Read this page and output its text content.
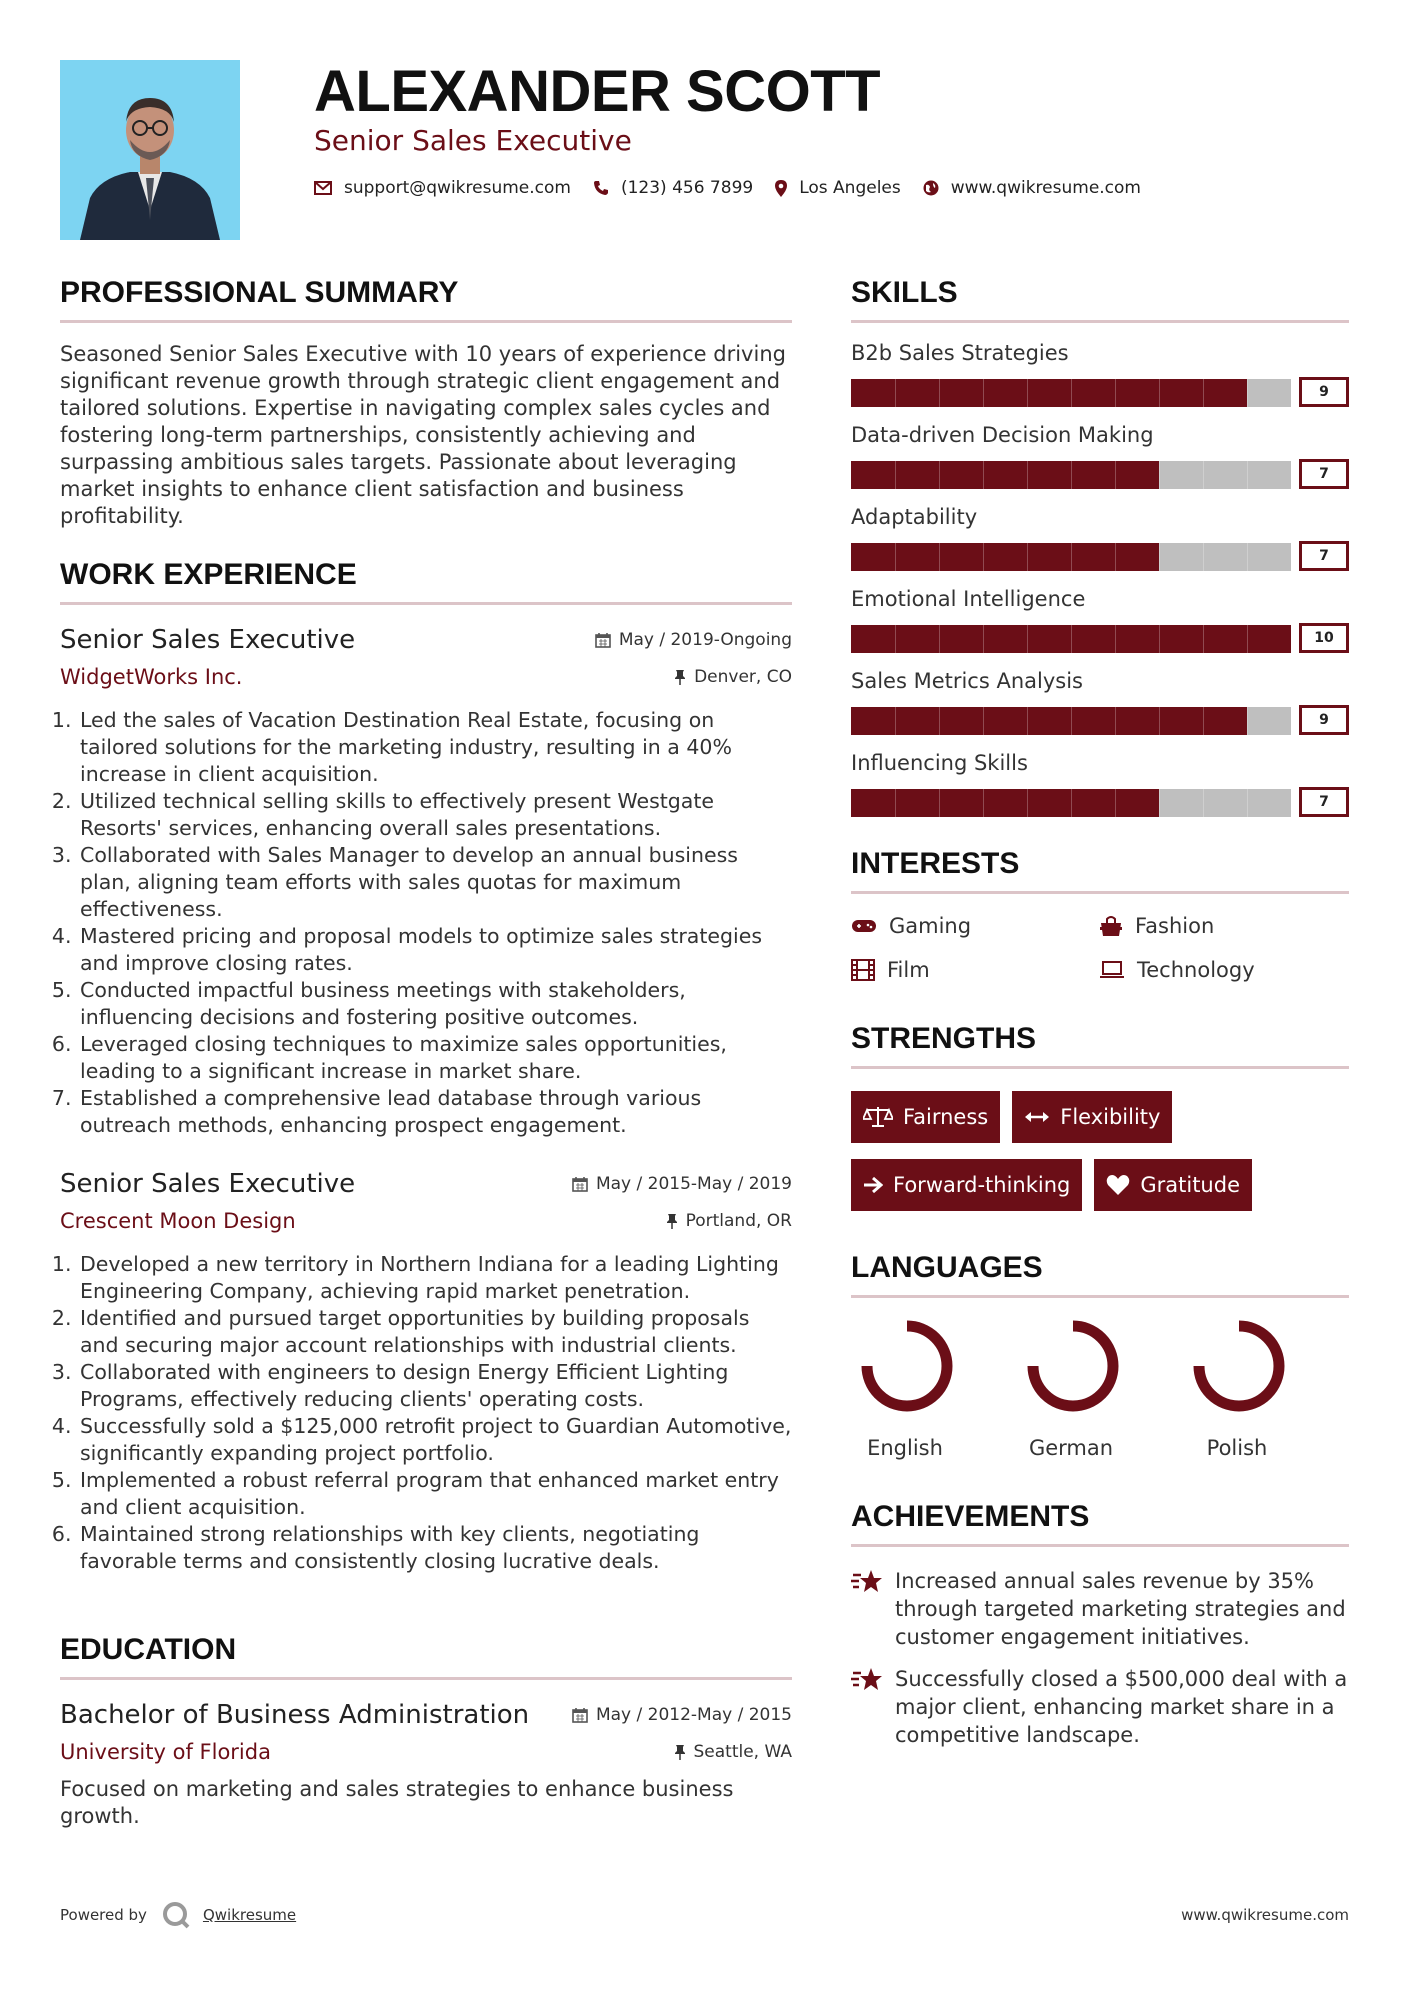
ALEXANDER SCOTT
Senior Sales Executive
support@qwikresume.com	(123) 456 7899	Los Angeles	www.qwikresume.com
PROFESSIONAL SUMMARY

Seasoned Senior Sales Executive with 10 years of experience driving significant revenue growth through strategic client engagement and tailored solutions. Expertise in navigating complex sales cycles and fostering long-term partnerships, consistently achieving and surpassing ambitious sales targets. Passionate about leveraging market insights to enhance client satisfaction and business profitability.

WORK EXPERIENCE
Senior Sales Executive	May / 2019-Ongoing
WidgetWorks Inc.	Denver, CO
1. Led the sales of Vacation Destination Real Estate, focusing on tailored solutions for the marketing industry, resulting in a 40% increase in client acquisition.
2. Utilized technical selling skills to effectively present Westgate Resorts' services, enhancing overall sales presentations.
3. Collaborated with Sales Manager to develop an annual business plan, aligning team efforts with sales quotas for maximum effectiveness.
4. Mastered pricing and proposal models to optimize sales strategies and improve closing rates.
5. Conducted impactful business meetings with stakeholders, influencing decisions and fostering positive outcomes.
6. Leveraged closing techniques to maximize sales opportunities, leading to a significant increase in market share.
7. Established a comprehensive lead database through various outreach methods, enhancing prospect engagement.
Senior Sales Executive	May / 2015-May / 2019
Crescent Moon Design	Portland, OR
1. Developed a new territory in Northern Indiana for a leading Lighting Engineering Company, achieving rapid market penetration.
2. Identified and pursued target opportunities by building proposals and securing major account relationships with industrial clients.
3. Collaborated with engineers to design Energy Efficient Lighting Programs, effectively reducing clients' operating costs.
4. Successfully sold a $125,000 retrofit project to Guardian Automotive, significantly expanding project portfolio.
5. Implemented a robust referral program that enhanced market entry and client acquisition.
6. Maintained strong relationships with key clients, negotiating favorable terms and consistently closing lucrative deals.
EDUCATION
Bachelor of Business Administration	May / 2012-May / 2015
University of Florida	Seattle, WA

Focused on marketing and sales strategies to enhance business growth.

SKILLS
B2b Sales Strategies
9
Data-driven Decision Making
7
Adaptability
7
Emotional Intelligence
10
Sales Metrics Analysis
9
Influencing Skills
7
INTERESTS
Gaming	Fashion
Film	Technology
STRENGTHS
Fairness	Flexibility
Forward-thinking	Gratitude
LANGUAGES
English	German	Polish
ACHIEVEMENTS
Increased annual sales revenue by 35% through targeted marketing strategies and customer engagement initiatives.
Successfully closed a $500,000 deal with a major client, enhancing market share in a competitive landscape.
Powered by	Qwikresume	www.qwikresume.com
